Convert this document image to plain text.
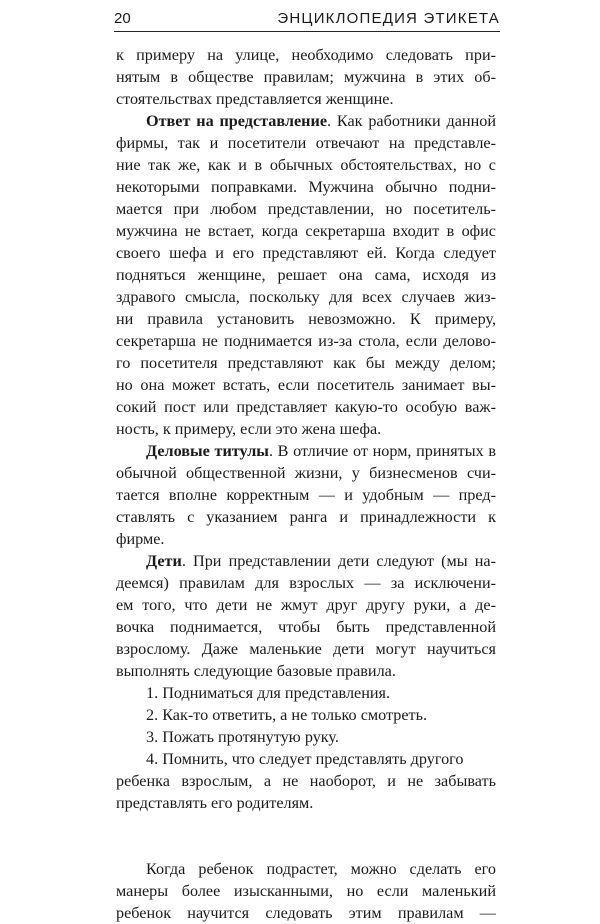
20	ЭНЦИКЛОПЕДИЯ ЭТИКЕТА
к примеру на улице, необходимо следовать при-
нятым в обществе правилам; мужчина в этих об-
стоятельствах представляется женщине.
Ответ на представление. Как работники данной
фирмы, так и посетители отвечают на представле-
ние так же, как и в обычных обстоятельствах, но с
некоторыми поправками. Мужчина обычно подни-
мается при любом представлении, но посетитель-
мужчина не встает, когда секретарша входит в офис
своего шефа и его представляют ей. Когда следует
подняться женщине, решает она сама, исходя из
здравого смысла, поскольку для всех случаев жиз-
ни правила установить невозможно. К примеру,
секретарша не поднимается из-за стола, если делово-
го посетителя представляют как бы между делом;
но она может встать, если посетитель занимает вы-
сокий пост или представляет какую-то особую важ-
ность, к примеру, если это жена шефа.
Деловые титулы. В отличие от норм, принятых в
обычной общественной жизни, у бизнесменов счи-
тается вполне корректным — и удобным — пред-
ставлять с указанием ранга и принадлежности к
фирме.
Дети. При представлении дети следуют (мы на-
деемся) правилам для взрослых — за исключени-
ем того, что дети не жмут друг другу руки, а де-
вочка поднимается, чтобы быть представленной
взрослому. Даже маленькие дети могут научиться
выполнять следующие базовые правила.
1. Подниматься для представления.
2. Как-то ответить, а не только смотреть.
3. Пожать протянутую руку.
4. Помнить, что следует представлять другого
ребенка взрослым, а не наоборот, и не забывать
представлять его родителям.
Когда ребенок подрастет, можно сделать его
манеры более изысканными, но если маленький
ребенок научится следовать этим правилам —
